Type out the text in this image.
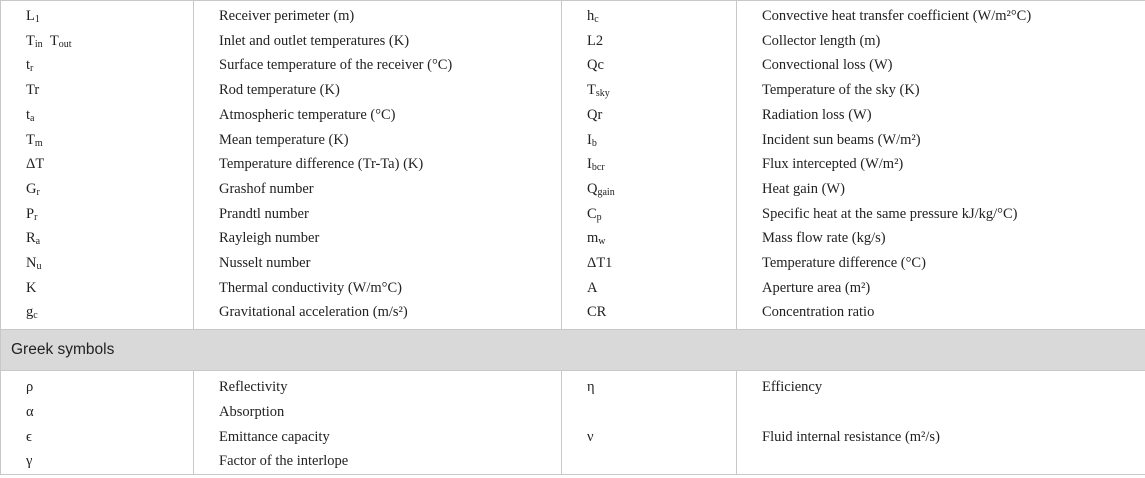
$L_1$	Receiver perimeter (m)	$h_c$	Convective heat transfer coefficient (W/m²°C)
$T_{in}$ $T_{out}$	Inlet and outlet temperatures (K)	L2	Collector length (m)
$t_r$	Surface temperature of the receiver (°C)	Qc	Convectional loss (W)
Tr	Rod temperature (K)	$T_{sky}$	Temperature of the sky (K)
$t_a$	Atmospheric temperature (°C)	Qr	Radiation loss (W)
$T_m$	Mean temperature (K)	$I_b$	Incident sun beams (W/m²)
ΔT	Temperature difference (Tr-Ta) (K)	$I_{bcr}$	Flux intercepted (W/m²)
$G_r$	Grashof number	$Q_{gain}$	Heat gain (W)
$P_r$	Prandtl number	$C_p$	Specific heat at the same pressure kJ/kg/°C)
$R_a$	Rayleigh number	$m_w$	Mass flow rate (kg/s)
$N_u$	Nusselt number	ΔT1	Temperature difference (°C)
K	Thermal conductivity (W/m°C)	A	Aperture area (m²)
$g_c$	Gravitational acceleration (m/s²)	CR	Concentration ratio
Greek symbols			
ρ	Reflectivity	η	Efficiency
α	Absorption		
ϵ	Emittance capacity	ν	Fluid internal resistance (m²/s)
γ	Factor of the interlope		
